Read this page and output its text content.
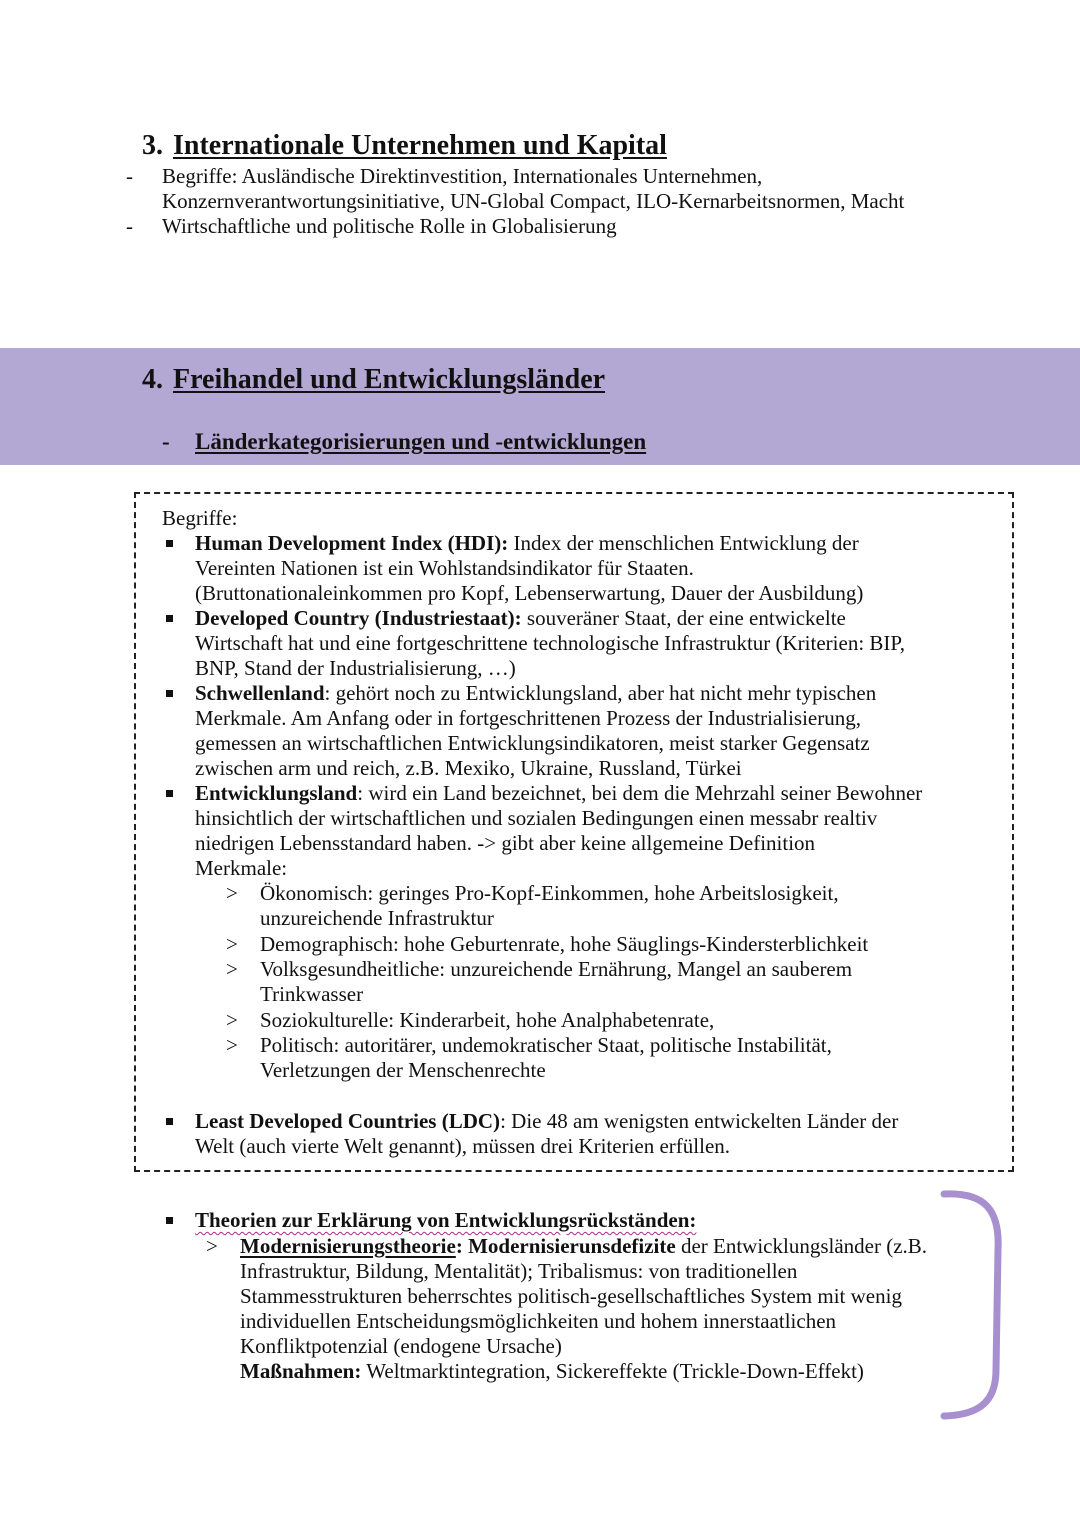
3. Internationale Unternehmen und Kapital
- Begriffe: Ausländische Direktinvestition, Internationales Unternehmen,
Konzernverantwortungsinitiative, UN-Global Compact, ILO-Kernarbeitsnormen, Macht
- Wirtschaftliche und politische Rolle in Globalisierung
4. Freihandel und Entwicklungsländer
- Länderkategorisierungen und -entwicklungen
Begriffe:
Human Development Index (HDI): Index der menschlichen Entwicklung der
Vereinten Nationen ist ein Wohlstandsindikator für Staaten.
(Bruttonationaleinkommen pro Kopf, Lebenserwartung, Dauer der Ausbildung)
Developed Country (Industriestaat): souveräner Staat, der eine entwickelte
Wirtschaft hat und eine fortgeschrittene technologische Infrastruktur (Kriterien: BIP,
BNP, Stand der Industrialisierung, …)
Schwellenland: gehört noch zu Entwicklungsland, aber hat nicht mehr typischen
Merkmale. Am Anfang oder in fortgeschrittenen Prozess der Industrialisierung,
gemessen an wirtschaftlichen Entwicklungsindikatoren, meist starker Gegensatz
zwischen arm und reich, z.B. Mexiko, Ukraine, Russland, Türkei
Entwicklungsland: wird ein Land bezeichnet, bei dem die Mehrzahl seiner Bewohner
hinsichtlich der wirtschaftlichen und sozialen Bedingungen einen messabr realtiv
niedrigen Lebensstandard haben. -> gibt aber keine allgemeine Definition
Merkmale:
> Ökonomisch: geringes Pro-Kopf-Einkommen, hohe Arbeitslosigkeit,
unzureichende Infrastruktur
> Demographisch: hohe Geburtenrate, hohe Säuglings-Kindersterblichkeit
> Volksgesundheitliche: unzureichende Ernährung, Mangel an sauberem
Trinkwasser
> Soziokulturelle: Kinderarbeit, hohe Analphabetenrate,
> Politisch: autoritärer, undemokratischer Staat, politische Instabilität,
Verletzungen der Menschenrechte
Least Developed Countries (LDC): Die 48 am wenigsten entwickelten Länder der
Welt (auch vierte Welt genannt), müssen drei Kriterien erfüllen.
Theorien zur Erklärung von Entwicklungsrückständen:
> Modernisierungstheorie: Modernisierunsdefizite der Entwicklungsländer (z.B.
Infrastruktur, Bildung, Mentalität); Tribalismus: von traditionellen
Stammesstrukturen beherrschtes politisch-gesellschaftliches System mit wenig
individuellen Entscheidungsmöglichkeiten und hohem innerstaatlichen
Konfliktpotenzial (endogene Ursache)
Maßnahmen: Weltmarktintegration, Sickereffekte (Trickle-Down-Effekt)
